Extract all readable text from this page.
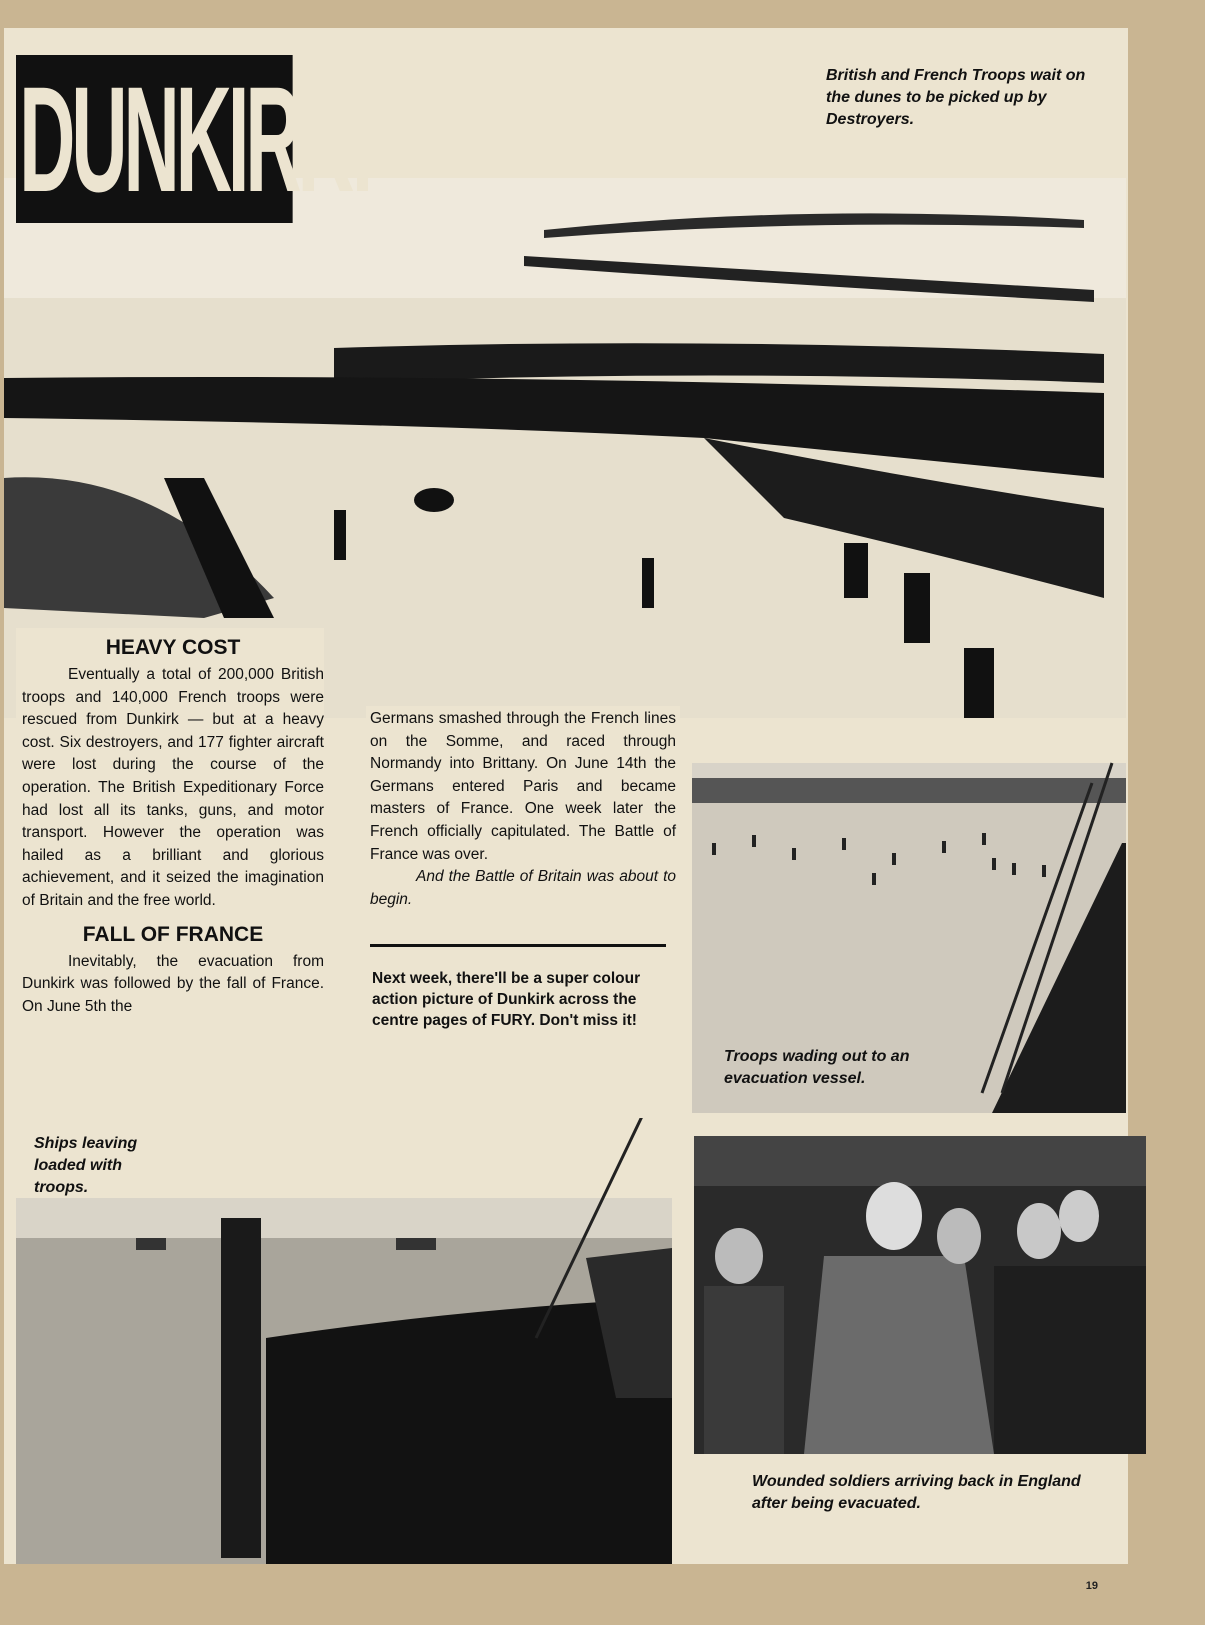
DUNKIRK!	British and French Troops wait on the dunes to be picked up by Destroyers.
Troops wading out to an evacuation vessel.
Ships leaving loaded with troops.
Wounded soldiers arriving back in England after being evacuated.
HEAVY COST

Eventually a total of 200,000 British troops and 140,000 French troops were rescued from Dunkirk — but at a heavy cost. Six destroyers, and 177 fighter aircraft were lost during the course of the operation. The British Expeditionary Force had lost all its tanks, guns, and motor transport. However the operation was hailed as a brilliant and glorious achievement, and it seized the imagination of Britain and the free world.

FALL OF FRANCE

Inevitably, the evacuation from Dunkirk was followed by the fall of France. On June 5th the

Germans smashed through the French lines on the Somme, and raced through Normandy into Brittany. On June 14th the Germans entered Paris and became masters of France. One week later the French officially capitulated. The Battle of France was over.

And the Battle of Britain was about to begin.

Next week, there'll be a super colour action picture of Dunkirk across the centre pages of FURY. Don't miss it!
19
